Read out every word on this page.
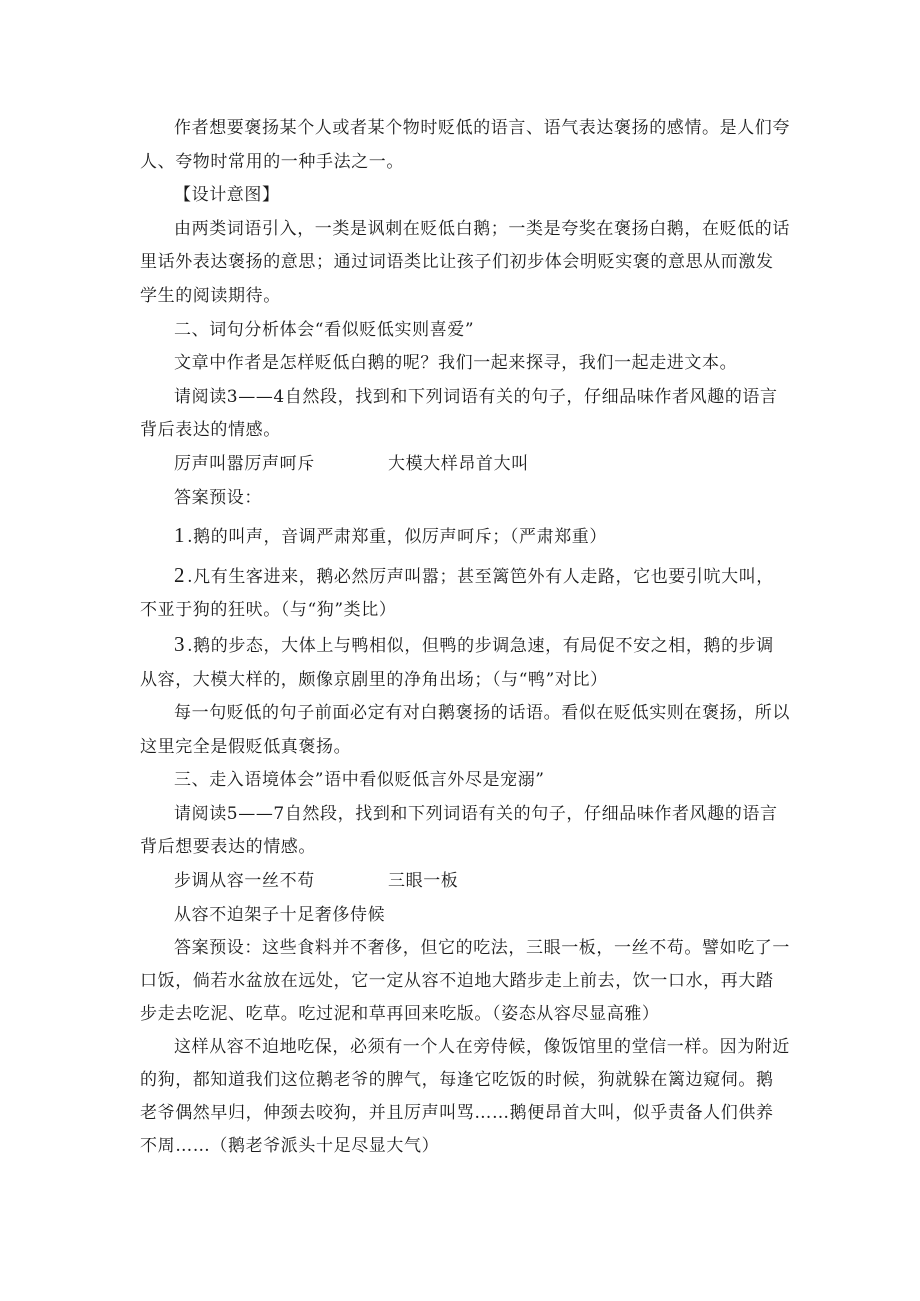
作者想要褒扬某个人或者某个物时贬低的语言、语气表达褒扬的感情。是人们夸人、夸物时常用的一种手法之一。

【设计意图】

由两类词语引入，一类是讽刺在贬低白鹅；一类是夸奖在褒扬白鹅，在贬低的话里话外表达褒扬的意思；通过词语类比让孩子们初步体会明贬实褒的意思从而激发学生的阅读期待。

二、词句分析体会“看似贬低实则喜爱”

文章中作者是怎样贬低白鹅的呢？我们一起来探寻，我们一起走进文本。

请阅读3——4自然段，找到和下列词语有关的句子，仔细品味作者风趣的语言背后表达的情感。

厉声叫嚣厉声呵斥	大模大样昂首大叫

答案预设：

1 .鹅的叫声，音调严肃郑重，似厉声呵斥；（严肃郑重）

2 .凡有生客进来，鹅必然厉声叫嚣；甚至篱笆外有人走路，它也要引吭大叫，不亚于狗的狂吠。（与“狗”类比）

3 .鹅的步态，大体上与鸭相似，但鸭的步调急速，有局促不安之相，鹅的步调从容，大模大样的，颇像京剧里的净角出场；（与“鸭”对比）

每一句贬低的句子前面必定有对白鹅褒扬的话语。看似在贬低实则在褒扬，所以这里完全是假贬低真褒扬。

三、走入语境体会”语中看似贬低言外尽是宠溺”

请阅读5——7自然段，找到和下列词语有关的句子，仔细品味作者风趣的语言背后想要表达的情感。

步调从容一丝不苟	三眼一板

从容不迫架子十足奢侈侍候

答案预设：这些食料并不奢侈，但它的吃法，三眼一板，一丝不苟。譬如吃了一口饭，倘若水盆放在远处，它一定从容不迫地大踏步走上前去，饮一口水，再大踏步走去吃泥、吃草。吃过泥和草再回来吃版。（姿态从容尽显高雅）

这样从容不迫地吃保，必须有一个人在旁侍候，像饭馆里的堂信一样。因为附近的狗，都知道我们这位鹅老爷的脾气，每逢它吃饭的时候，狗就躲在篱边窥伺。鹅老爷偶然早归，伸颈去咬狗，并且厉声叫骂……鹅便昂首大叫，似乎责备人们供养不周……（鹅老爷派头十足尽显大气）
